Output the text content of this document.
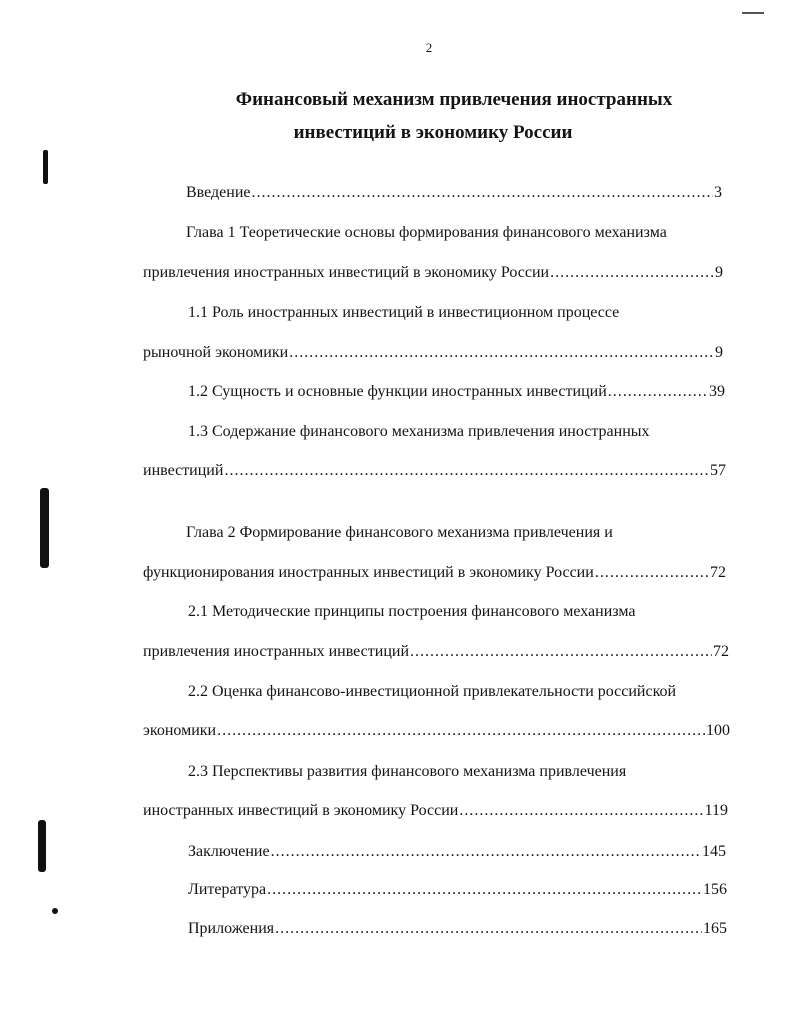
2
Финансовый механизм привлечения иностранных
инвестиций в экономику России
Введение .....	3
Глава 1 Теоретические основы формирования финансового механизма
привлечения иностранных инвестиций в экономику России .....	9
1.1 Роль иностранных инвестиций в инвестиционном процессе
рыночной экономики .....	9
1.2 Сущность и основные функции иностранных инвестиций .....	39
1.3 Содержание финансового механизма привлечения иностранных
инвестиций .....	57
Глава 2 Формирование финансового механизма привлечения и
функционирования иностранных инвестиций в экономику России .....	72
2.1 Методические принципы построения финансового механизма
привлечения иностранных инвестиций .....	72
2.2 Оценка финансово-инвестиционной привлекательности российской
экономики .....	100
2.3 Перспективы развития финансового механизма привлечения
иностранных инвестиций в экономику России .....	119
Заключение .....	145
Литература .....	156
Приложения .....	165
